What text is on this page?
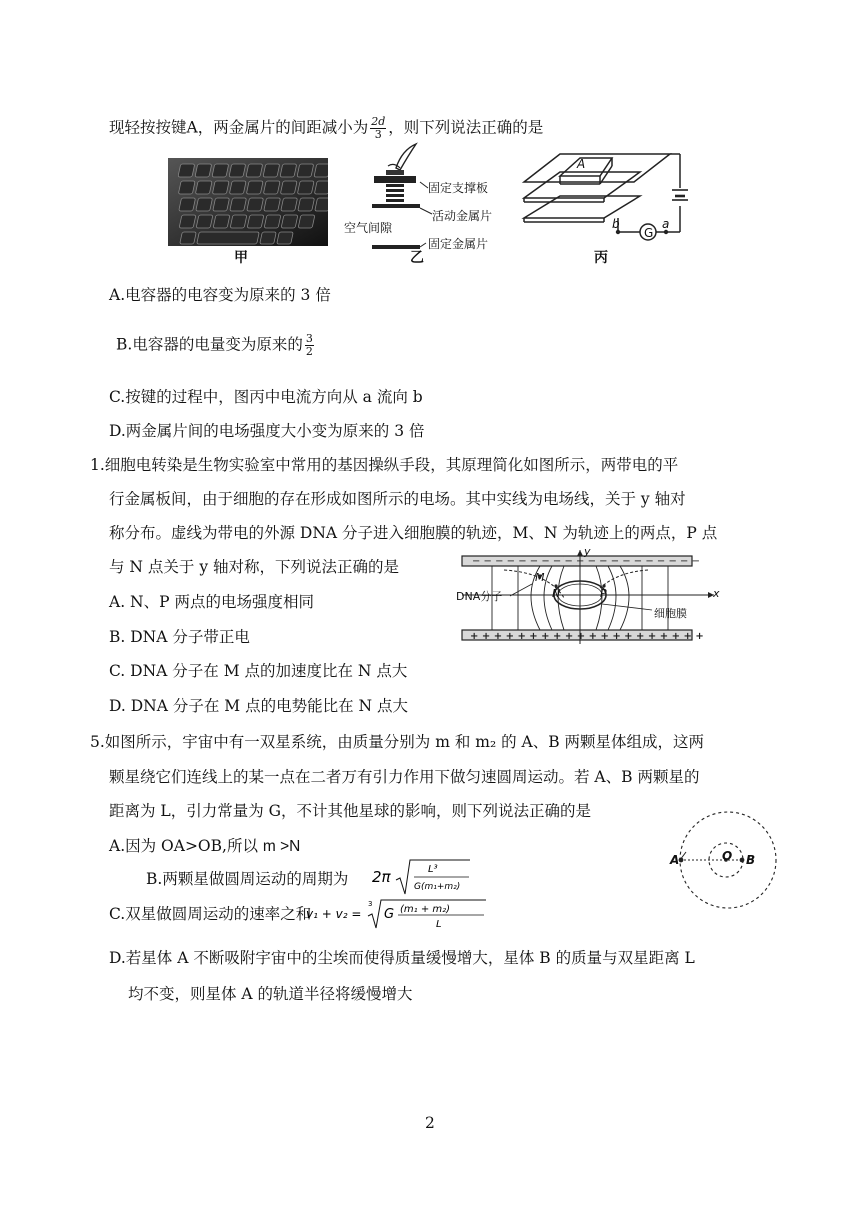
现轻按按键A，两金属片的间距减小为 $\frac{2d}{3}$ ，则下列说法正确的是
甲
固定支撑板
活动金属片
空气间隙
固定金属片
乙
A
G
b	a
丙
A.电容器的电容变为原来的 3 倍
B.电容器的电量变为原来的 $\frac{3}{2}$
C.按键的过程中，图丙中电流方向从 a 流向 b
D.两金属片间的电场强度大小变为原来的 3 倍
1.细胞电转染是生物实验室中常用的基因操纵手段，其原理简化如图所示，两带电的平
行金属板间，由于细胞的存在形成如图所示的电场。其中实线为电场线，关于 y 轴对
称分布。虚线为带电的外源 DNA 分子进入细胞膜的轨迹，M、N 为轨迹上的两点，P 点
与 N 点关于 y 轴对称，下列说法正确的是
A. N、P 两点的电场强度相同
B. DNA 分子带正电
C. DNA 分子在 M 点的加速度比在 N 点大
D. DNA 分子在 M 点的电势能比在 N 点大
− − − − − − − − − − − − − − − − − − − −
+ + + + + + + + + + + + + + + + + + + +
DNA分子
细胞膜
M
N	P	x
y
5.如图所示，宇宙中有一双星系统，由质量分别为 m 和 m₂ 的 A、B 两颗星体组成，这两
颗星绕它们连线上的某一点在二者万有引力作用下做匀速圆周运动。若 A、B 两颗星的
距离为 L，引力常量为 G，不计其他星球的影响，则下列说法正确的是
A.因为 OA>OB,所以 m >N
B.两颗星做圆周运动的周期为 2π	L³
G(m₁+m₂)
C.双星做圆周运动的速率之和
v₁ + v₂ =
3
G (m₁ + m₂)
L
D.若星体 A 不断吸附宇宙中的尘埃而使得质量缓慢增大，星体 B 的质量与双星距离 L
均不变，则星体 A 的轨道半径将缓慢增大
A	O B
2
